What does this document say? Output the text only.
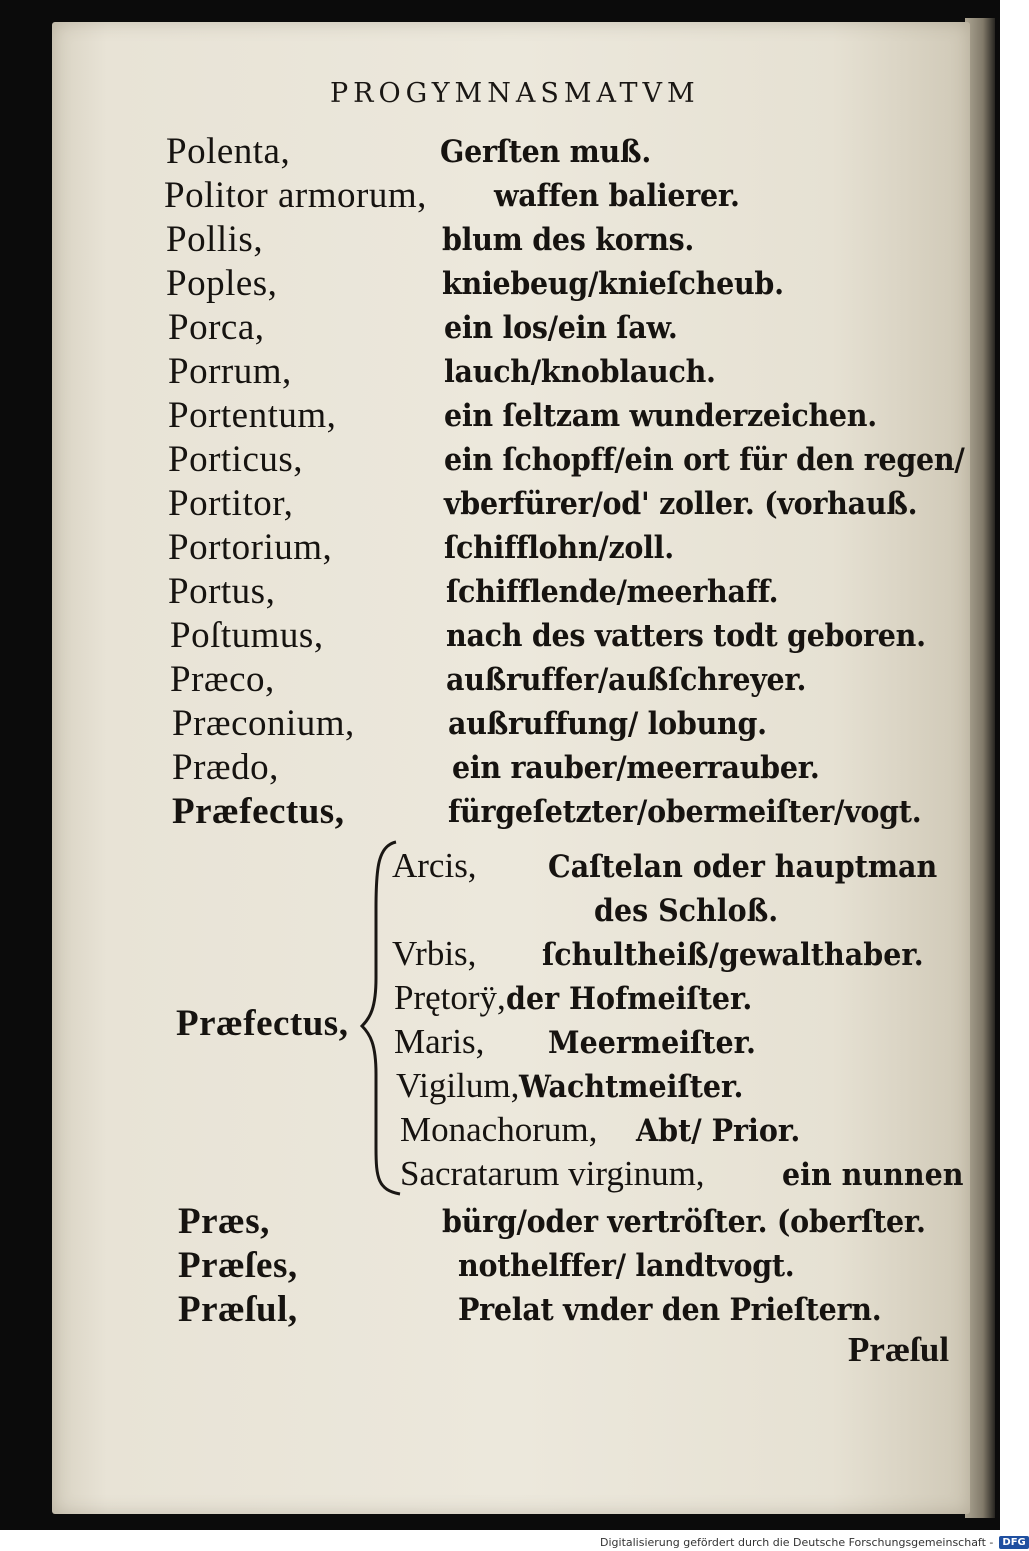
PROGYMNASMATVM
Polenta,	Gerſten muß.
Politor armorum, waffen balierer.
Pollis,	blum des korns.
Poples,	kniebeug/knieſcheub.
Porca,	ein los/ein ſaw.
Porrum,	lauch/knoblauch.
Portentum,	ein ſeltzam wunderzeichen.
Porticus,	ein ſchopff/ein ort für den regen/
Portitor,	vberfürer/od' zoller. (vorhauß.
Portorium,	ſchifflohn/zoll.
Portus,	ſchifflende/meerhaff.
Poſtumus,	nach des vatters todt geboren.
Præco,	außruffer/außſchreyer.
Præconium,	außruffung/ lobung.
Prædo,	ein rauber/meerrauber.
Præfectus,	fürgeſetzter/obermeiſter/vogt.
Præfectus,
Arcis, Caſtelan oder hauptman
des Schloß.
Vrbis, ſchultheiß/gewalthaber.
Prętorÿ,der Hofmeiſter.
Maris, Meermeiſter.
Vigilum,Wachtmeiſter.
Monachorum, Abt/ Prior.
Sacratarum virginum, ein nunnen
Præs,	bürg/oder vertröſter. (oberſter.
Præſes,	nothelffer/ landtvogt.
Præſul,	Prelat vnder den Prieſtern.
Præſul
Digitalisierung gefördert durch die Deutsche Forschungsgemeinschaft - DFG
